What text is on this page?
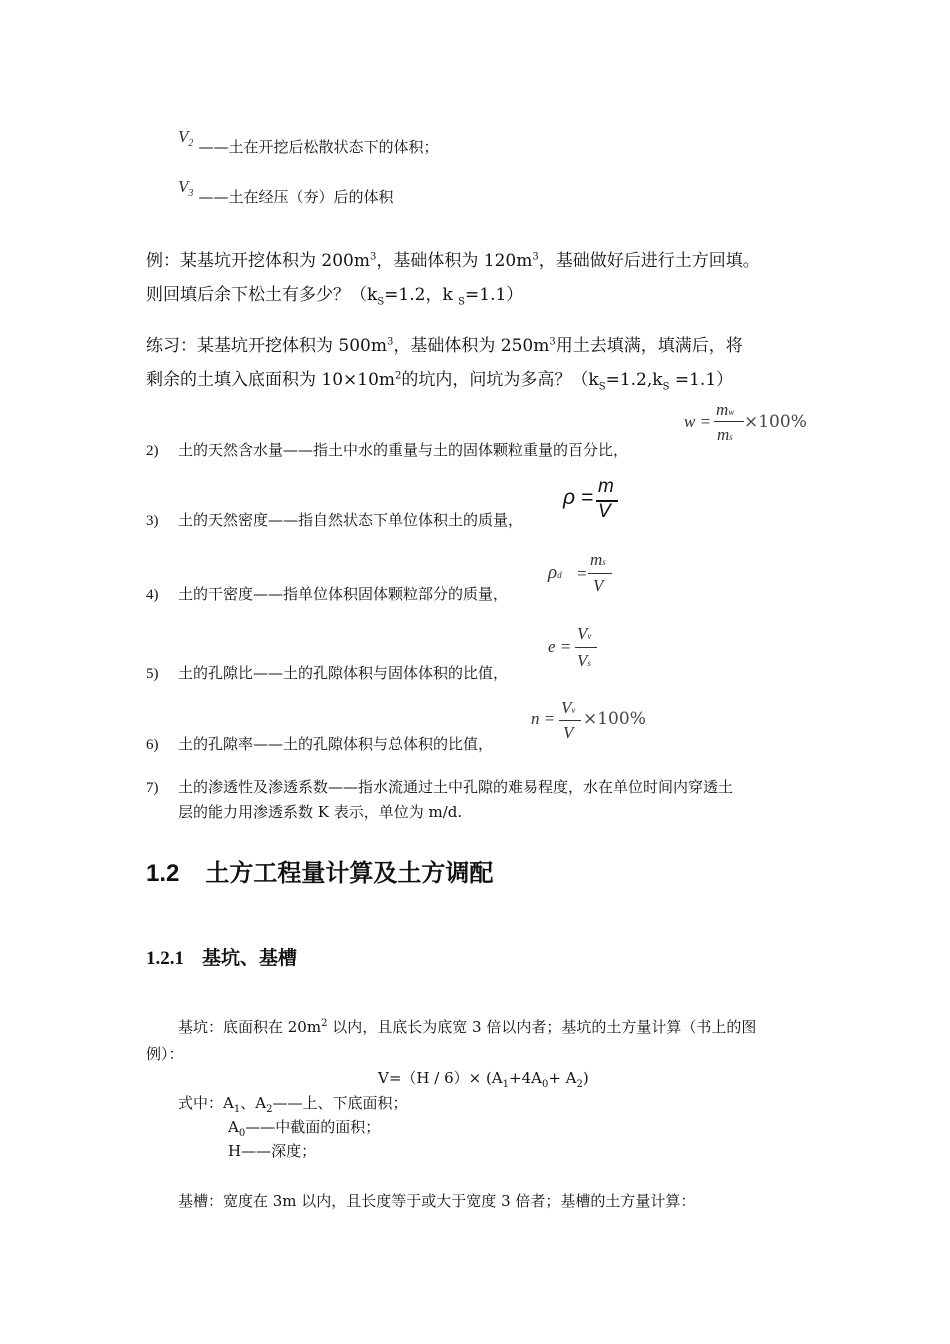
$V_2$ ——土在开挖后松散状态下的体积；
$V_3$ ——土在经压（夯）后的体积
例：某基坑开挖体积为 $200m^3$，基础体积为 $120m^3$，基础做好后进行土方回填。
则回填后余下松土有多少？（$k_S=1.2$，k $_S$=1.1）
练习：某基坑开挖体积为 $500m^3$，基础体积为 $250m^3$用土去填满，填满后，将
剩余的土填入底面积为 $10\times 10m^2$的坑内，问坑为多高？$(k_S=1.2,k_S =1.1)$
2) 土的天然含水量——指土中水的重量与土的固体颗粒重量的百分比，
w =
mw
ms
×100%
3) 土的天然密度——指自然状态下单位体积土的质量，
ρ = m
V
4) 土的干密度——指单位体积固体颗粒部分的质量，
ρd =
ms
V
5) 土的孔隙比——土的孔隙体积与固体体积的比值，
e =
Vv
Vs
6) 土的孔隙率——土的孔隙体积与总体积的比值，
n =
Vv
V
×100%
7) 土的渗透性及渗透系数——指水流通过土中孔隙的难易程度，水在单位时间内穿透土
层的能力用渗透系数 K 表示，单位为 m/d.
1.2 土方工程量计算及土方调配
1.2.1 基坑、基槽
基坑：底面积在 $20m^2$ 以内，且底长为底宽 3 倍以内者；基坑的土方量计算（书上的图
例）：
$V=(H / 6)\times (A_1+4A_0+ A_2)$
式中：$A_1$、$A_2——$上、下底面积；
$A_0——$中截面的面积；
H——深度；
基槽：宽度在 3m 以内，且长度等于或大于宽度 3 倍者；基槽的土方量计算：
